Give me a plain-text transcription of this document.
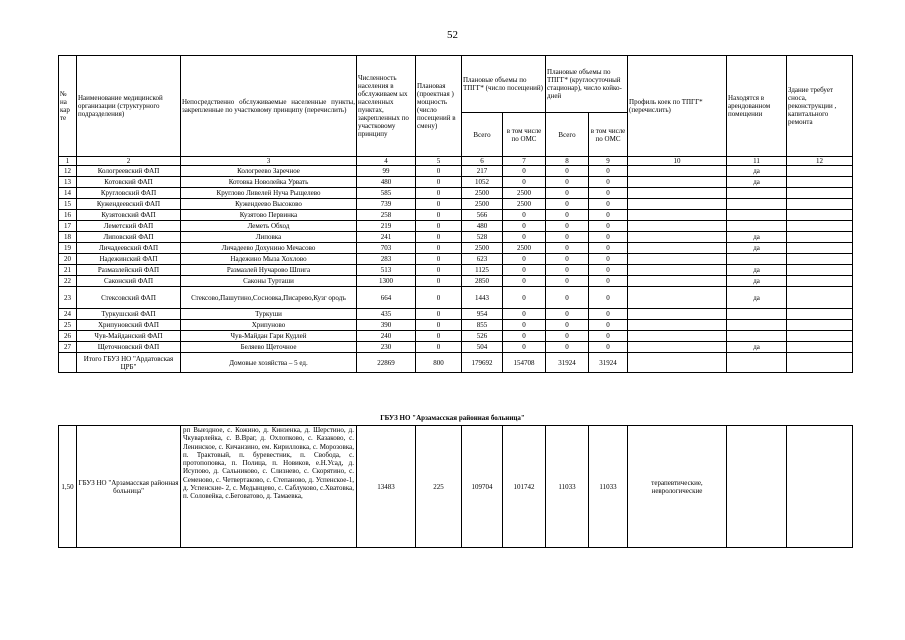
52
№ на кар те	Наименование медицинской организации (структурного подразделения)	Непосредственно обслуживаемые населенные пункты, закрепленные по участковому принципу (перечислить)	Численность населения в обслуживаем ых населенных пунктах, закрепленных по участковому принципу	Плановая (проектная ) мощность (число посещений в смену)	Плановые объемы по ТПГГ* (число посещений)		Плановые объемы по ТПГГ* (круглосуточный стационар), число койко-дней		Профиль коек по ТПГГ* (перечислить)	Находятся в арендованном помещении	Здание требует сноса, реконструкции , капитального ремонта
					Всего	в том числе по ОМС	Всего	в том числе по ОМС			
1	2	3	4	5	6	7	8	9	10	11	12
12	Кологреевский ФАП	Кологреево Заречное	99	0	217	0	0	0		да	
13	Котовский ФАП	Котовка Новолейка Урвать	480	0	1052	0	0	0		да	
14	Кругловский ФАП	Круглово Ливелей Нуча Рыщелево	585	0	2500	2500	0	0			
15	Кужендеевский ФАП	Кужендеево Высоково	739	0	2500	2500	0	0			
16	Кузятовский ФАП	Кузятово Первинка	258	0	566	0	0	0			
17	Леметский ФАП	Леметь Обход	219	0	480	0	0	0			
18	Липовский ФАП	Липовка	241	0	528	0	0	0		да	
19	Личадеевский ФАП	Личадеево Дохунино Мечасово	703	0	2500	2500	0	0		да	
20	Надежинский ФАП	Надежино Мыза Хохлово	283	0	623	0	0	0			
21	Размазлейский ФАП	Размазлей Нучарово Шпига	513	0	1125	0	0	0		да	
22	Саконский ФАП	Саконы Турташи	1300	0	2850	0	0	0		да	
23	Стексовский ФАП	Стексово,Пашутино,Сосновка,Писарево,Кузг ородъ	664	0	1443	0	0	0		да	
24	Туркушский ФАП	Туркуши	435	0	954	0	0	0			
25	Хрипуновский ФАП	Хрипуново	390	0	855	0	0	0			
26	Чув-Майданский ФАП	Чув-Майдан Гари Кудлей	240	0	526	0	0	0			
27	Щеточновский ФАП	Беляево Щеточное	230	0	504	0	0	0		да	
	Итого ГБУЗ НО "Ардатовская ЦРБ"	Домовые хозяйства – 5 ед.	22869	800	179692	154708	31924	31924			
ГБУЗ НО "Арзамасская районная больница"
1,50	ГБУЗ НО "Арзамасская районная больница"	рп Выездное, с. Кожино, д. Кинзенка, д. Шерстино, д. Чкуварлейка, с. В.Враг, д. Охлопково, с. Казаково, с. Ленинское, с. Кичанзино, ем. Кирилловка, с. Морозовка, п. Трактовый, п. буревестник, п. Свобода, с. протопоповка, п. Полица, п. Новиков, е.Н.Усад, д. Исупово, д. Сальниково, с. Слизнево, с. Скорятино, с. Семеново, с. Четвертаково, с. Степаново, д. Успенское-1, д. Успенские- 2, с. Медынцево, с. Саблуково, с.Хватовка, п. Соловейка, с.Беговатово, д. Тамаевка,	13483	225	109704	101742	11033	11033	терапевтические, неврологические		
